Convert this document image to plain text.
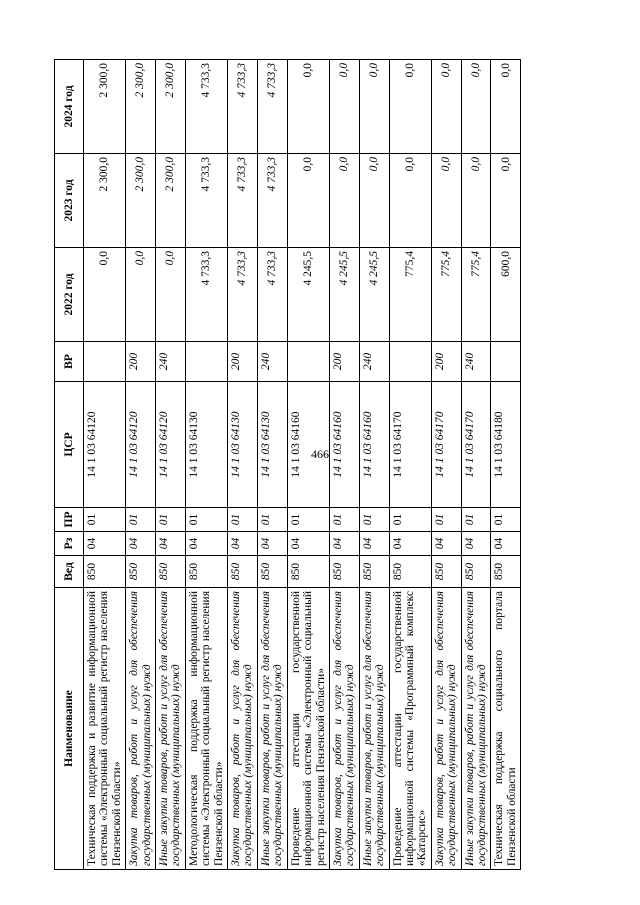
466
Наименование	Вед	Рз	ПР	ЦСР	ВР	2022 год	2023 год	2024 год
Техническая поддержка и развитие информационной системы «Электронный социальный регистр населения Пензенской области»	850	04	01	14 1 03 64120		0,0	2 300,0	2 300,0
Закупка товаров, работ и услуг для обеспечения государственных (муниципальных) нужд	850	04	01	14 1 03 64120	200	0,0	2 300,0	2 300,0
Иные закупки товаров, работ и услуг для обеспечения государственных (муниципальных) нужд	850	04	01	14 1 03 64120	240	0,0	2 300,0	2 300,0
Методологическая поддержка информационной системы «Электронный социальный регистр населения Пензенской области»	850	04	01	14 1 03 64130		4 733,3	4 733,3	4 733,3
Закупка товаров, работ и услуг для обеспечения государственных (муниципальных) нужд	850	04	01	14 1 03 64130	200	4 733,3	4 733,3	4 733,3
Иные закупки товаров, работ и услуг для обеспечения государственных (муниципальных) нужд	850	04	01	14 1 03 64130	240	4 733,3	4 733,3	4 733,3
Проведение аттестации государственной информационной системы «Электронный социальный регистр населения Пензенской области»	850	04	01	14 1 03 64160		4 245,5	0,0	0,0
Закупка товаров, работ и услуг для обеспечения государственных (муниципальных) нужд	850	04	01	14 1 03 64160	200	4 245,5	0,0	0,0
Иные закупки товаров, работ и услуг для обеспечения государственных (муниципальных) нужд	850	04	01	14 1 03 64160	240	4 245,5	0,0	0,0
Проведение аттестации государственной информационной системы «Программный комплекс «Катарсис»	850	04	01	14 1 03 64170		775,4	0,0	0,0
Закупка товаров, работ и услуг для обеспечения государственных (муниципальных) нужд	850	04	01	14 1 03 64170	200	775,4	0,0	0,0
Иные закупки товаров, работ и услуг для обеспечения государственных (муниципальных) нужд	850	04	01	14 1 03 64170	240	775,4	0,0	0,0
Техническая поддержка социального портала Пензенской области	850	04	01	14 1 03 64180		600,0	0,0	0,0
